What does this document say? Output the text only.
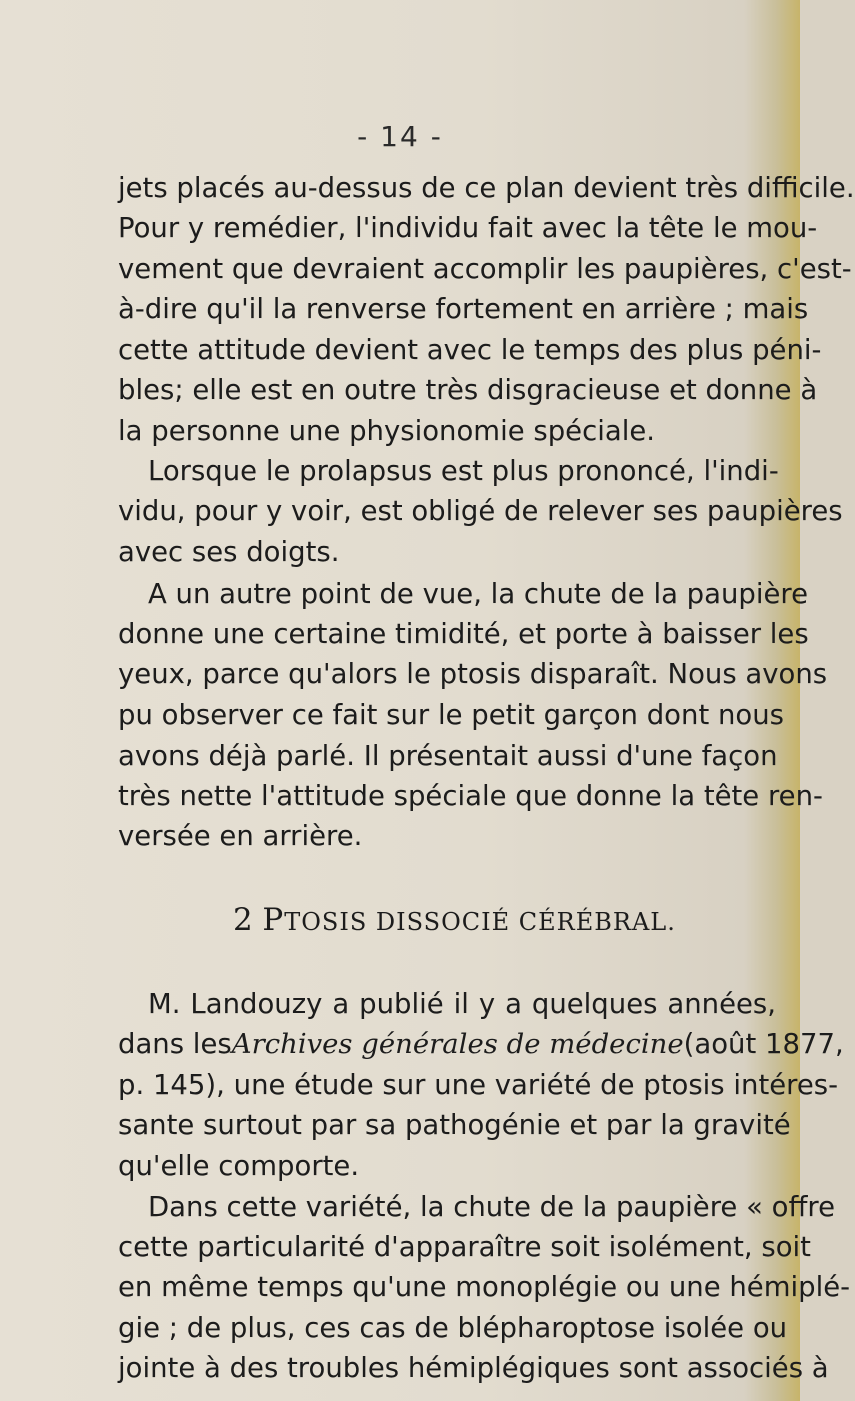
- 14 -
jets placés au-dessus de ce plan devient très difficile.
Pour y remédier, l'individu fait avec la tête le mou-
vement que devraient accomplir les paupières, c'est-
à-dire qu'il la renverse fortement en arrière ; mais
cette attitude devient avec le temps des plus péni-
bles; elle est en outre très disgracieuse et donne à
la personne une physionomie spéciale.
Lorsque le prolapsus est plus prononcé, l'indi-
vidu, pour y voir, est obligé de relever ses paupières
avec ses doigts.
A un autre point de vue, la chute de la paupière
donne une certaine timidité, et porte à baisser les
yeux, parce qu'alors le ptosis disparaît. Nous avons
pu observer ce fait sur le petit garçon dont nous
avons déjà parlé. Il présentait aussi d'une façon
très nette l'attitude spéciale que donne la tête ren-
versée en arrière.
2 PTOSIS DISSOCIÉ CÉRÉBRAL.
M. Landouzy a publié il y a quelques années,
dans les Archives générales de médecine (août 1877,
p. 145), une étude sur une variété de ptosis intéres-
sante surtout par sa pathogénie et par la gravité
qu'elle comporte.
Dans cette variété, la chute de la paupière « offre
cette particularité d'apparaître soit isolément, soit
en même temps qu'une monoplégie ou une hémiplé-
gie ; de plus, ces cas de blépharoptose isolée ou
jointe à des troubles hémiplégiques sont associés à
